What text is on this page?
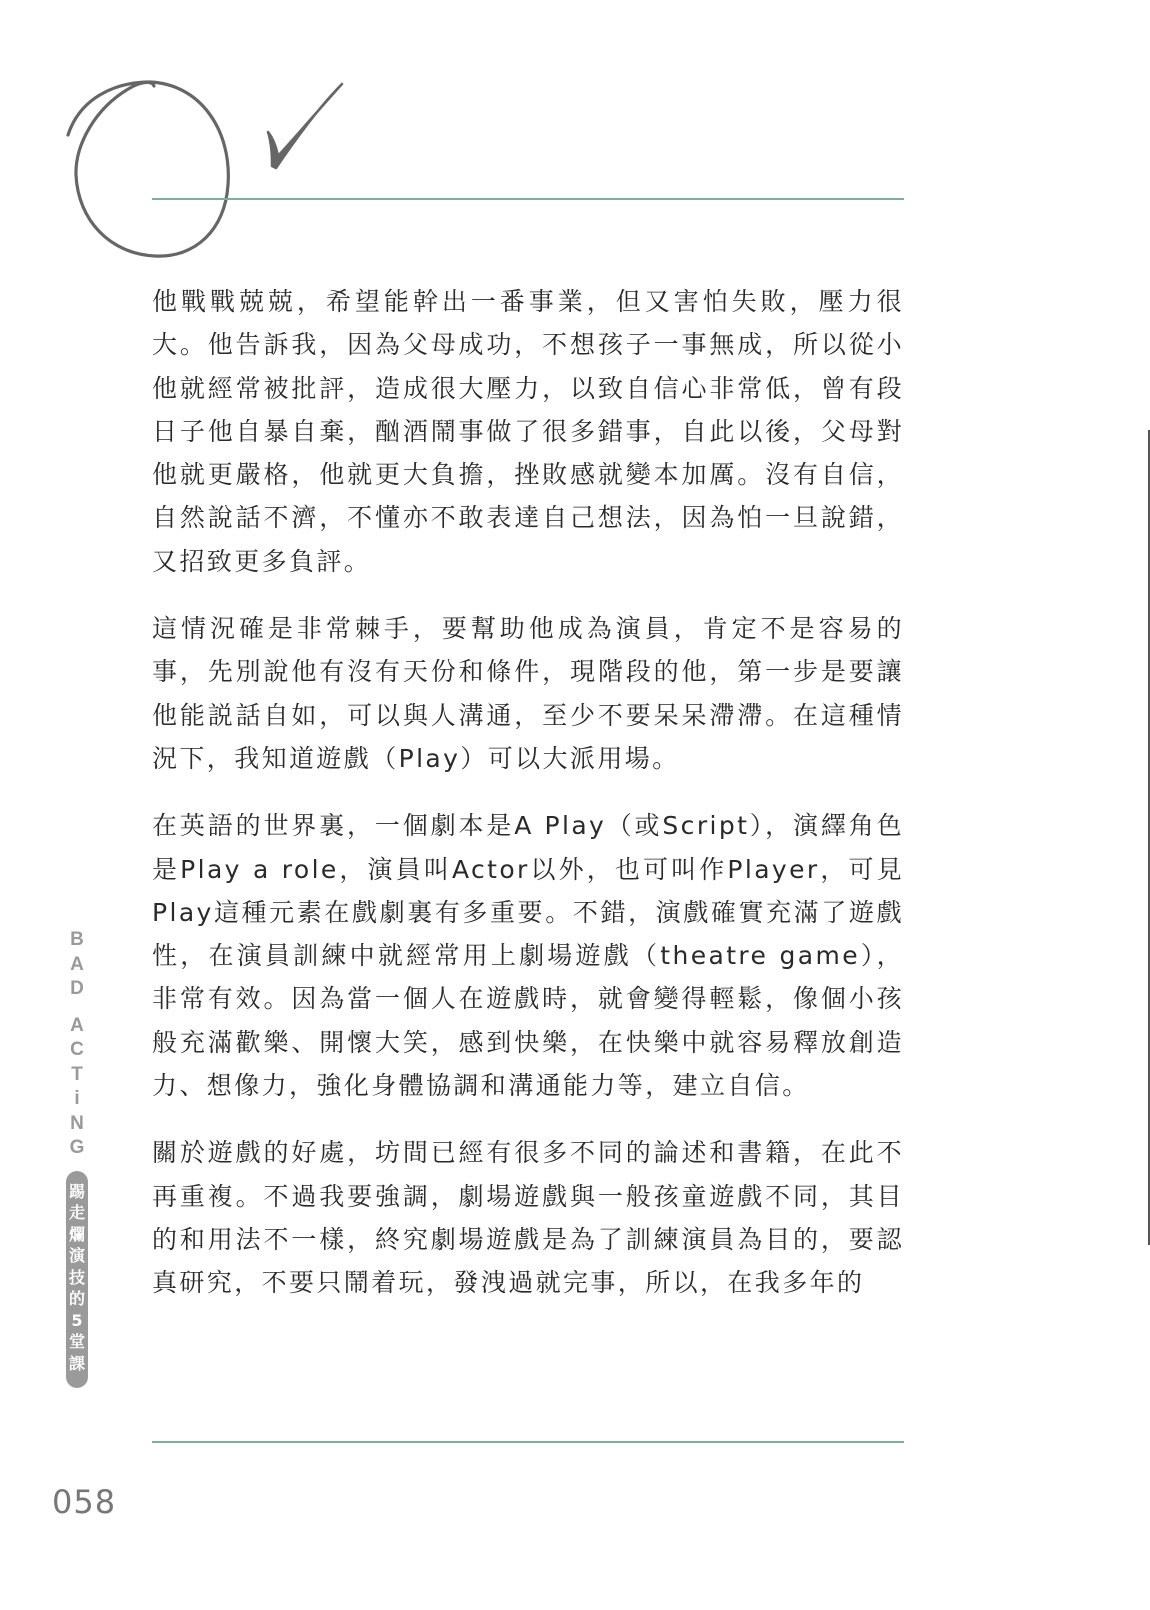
他戰戰兢兢，希望能幹出一番事業，但又害怕失敗，壓力很大。他告訴我，因為父母成功，不想孩子一事無成，所以從小他就經常被批評，造成很大壓力，以致自信心非常低，曾有段日子他自暴自棄，酗酒鬧事做了很多錯事，自此以後，父母對他就更嚴格，他就更大負擔，挫敗感就變本加厲。沒有自信，自然說話不濟，不懂亦不敢表達自己想法，因為怕一旦說錯，又招致更多負評。

這情況確是非常棘手，要幫助他成為演員，肯定不是容易的事，先別說他有沒有天份和條件，現階段的他，第一步是要讓他能説話自如，可以與人溝通，至少不要呆呆滯滯。在這種情況下，我知道遊戲（Play）可以大派用場。

在英語的世界裏，一個劇本是A Play（或Script），演繹角色是Play a role，演員叫Actor以外，也可叫作Player，可見Play這種元素在戲劇裏有多重要。不錯，演戲確實充滿了遊戲性，在演員訓練中就經常用上劇場遊戲（theatre game），非常有效。因為當一個人在遊戲時，就會變得輕鬆，像個小孩般充滿歡樂、開懷大笑，感到快樂，在快樂中就容易釋放創造力、想像力，強化身體協調和溝通能力等，建立自信。

關於遊戲的好處，坊間已經有很多不同的論述和書籍，在此不再重複。不過我要強調，劇場遊戲與一般孩童遊戲不同，其目的和用法不一樣，終究劇場遊戲是為了訓練演員為目的，要認真研究，不要只鬧着玩，發洩過就完事，所以，在我多年的

B
A
D
A
C
T
i
N
G
踢
走
爛
演
技
的
5
堂
課
058
